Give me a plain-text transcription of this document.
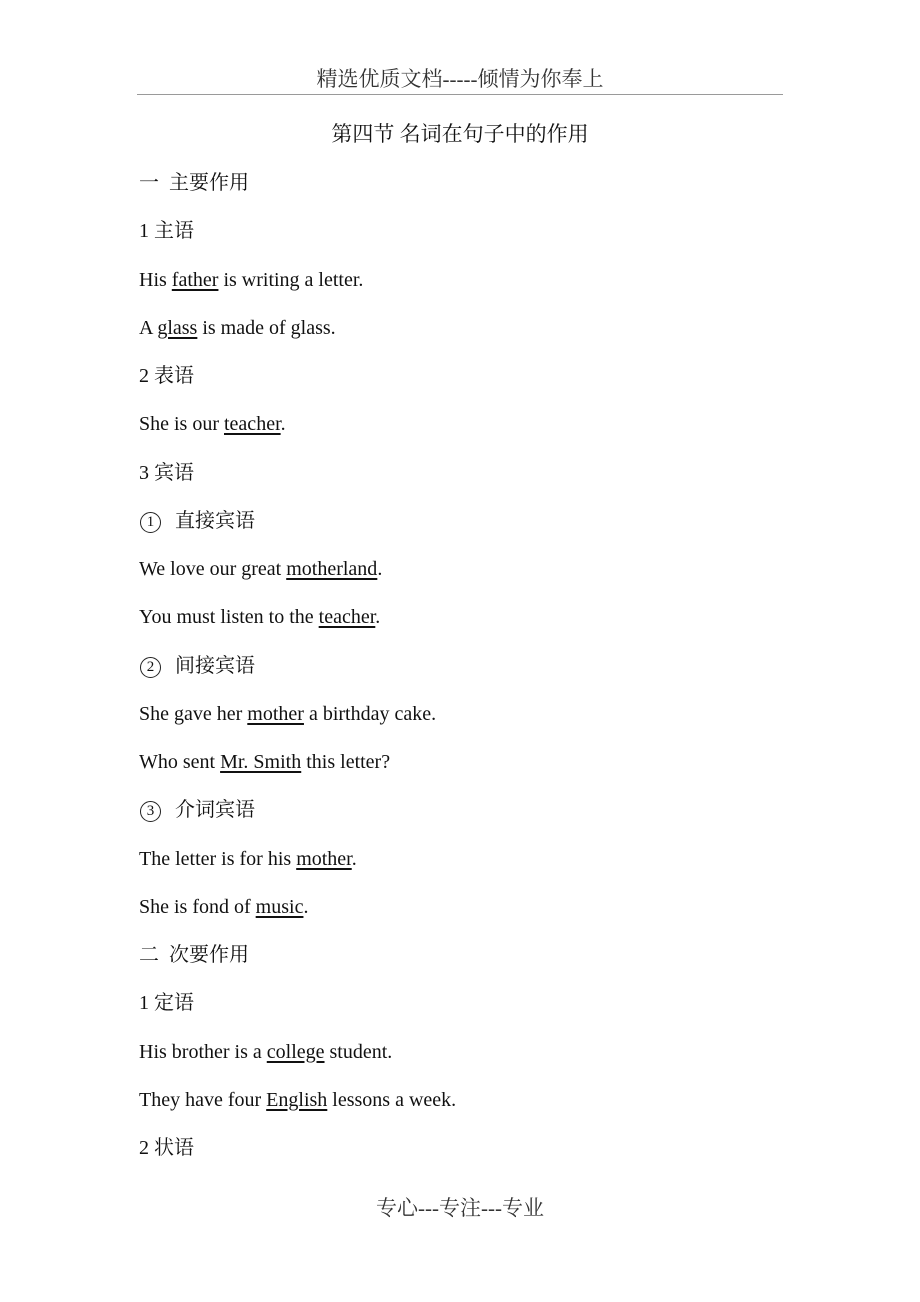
精选优质文档-----倾情为你奉上
第四节 名词在句子中的作用
一  主要作用
1 主语
His father is writing a letter.
A glass is made of glass.
2 表语
She is our teacher.
3 宾语
1 直接宾语
We love our great motherland.
You must listen to the teacher.
2 间接宾语
She gave her mother a birthday cake.
Who sent Mr. Smith this letter?
3 介词宾语
The letter is for his mother.
She is fond of music.
二  次要作用
1 定语
His brother is a college student.
They have four English lessons a week.
2 状语
专心---专注---专业
